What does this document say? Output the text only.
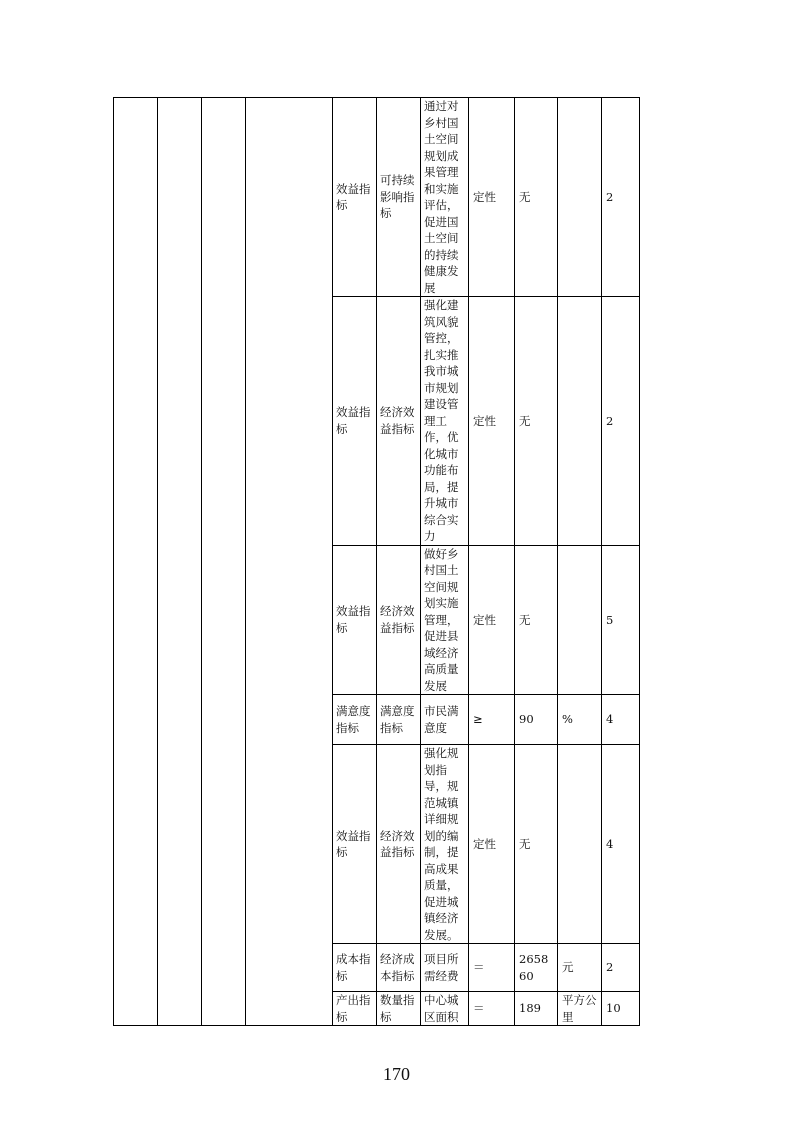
				效益指标	可持续影响指标	通过对乡村国土空间规划成果管理和实施评估，促进国土空间的持续健康发展	定性	无		2
				效益指标	经济效益指标	强化建筑风貌管控，扎实推我市城市规划建设管理工作，优化城市功能布局，提升城市综合实力	定性	无		2
				效益指标	经济效益指标	做好乡村国土空间规划实施管理，促进县域经济高质量发展	定性	无		5
				满意度指标	满意度指标	市民满意度	≥	90	%	4
				效益指标	经济效益指标	强化规划指导，规范城镇详细规划的编制，提高成果质量，促进城镇经济发展。	定性	无		4
				成本指标	经济成本指标	项目所需经费	＝	265860	元	2
				产出指标	数量指标	中心城区面积	＝	189	平方公里	10
170
